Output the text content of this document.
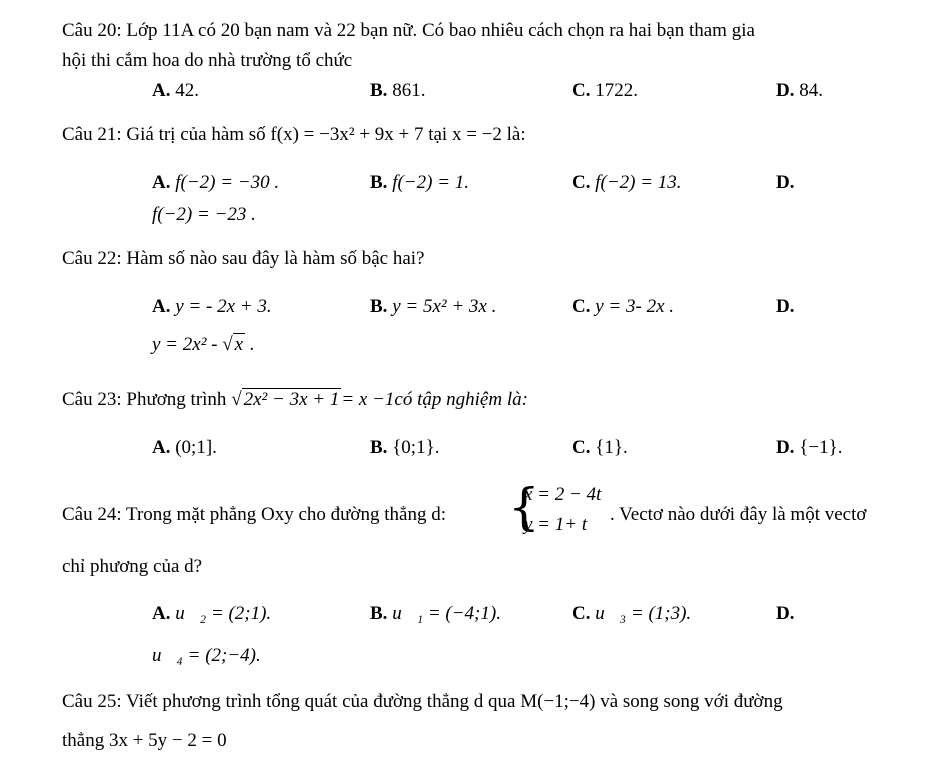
Câu 20: Lớp 11A có 20 bạn nam và 22 bạn nữ. Có bao nhiêu cách chọn ra hai bạn tham gia
hội thi cắm hoa do nhà trường tổ chức
A. 42.	B. 861.	C. 1722.	D. 84.
Câu 21: Giá trị của hàm số f(x) = −3x² + 9x + 7 tại x = −2 là:
A. f(−2) = −30 .	B. f(−2) = 1.	C. f(−2) = 13.	D.
f(−2) = −23 .
Câu 22: Hàm số nào sau đây là hàm số bậc hai?
A. y = - 2x + 3.	B. y = 5x² + 3x .	C. y = 3- 2x .	D.
y = 2x² - √ x .
Câu 23: Phương trình √ 2x² − 3x + 1 = x −1có tập nghiệm là:
A. (0;1].	B. {0;1}.	C. {1}.	D. {−1}.
Câu 24: Trong mặt phẳng Oxy cho đường thẳng d: {
x = 2 − 4t
y = 1+ t . Vectơ nào dưới đây là một vectơ
chỉ phương của d?
A. u⃗₂ = (2;1).	B. u⃗₁ = (−4;1).	C. u⃗₃ = (1;3).	D.
u⃗₄ = (2;−4).
Câu 25: Viết phương trình tổng quát của đường thẳng d qua M(−1;−4) và song song với đường
thẳng 3x + 5y − 2 = 0
